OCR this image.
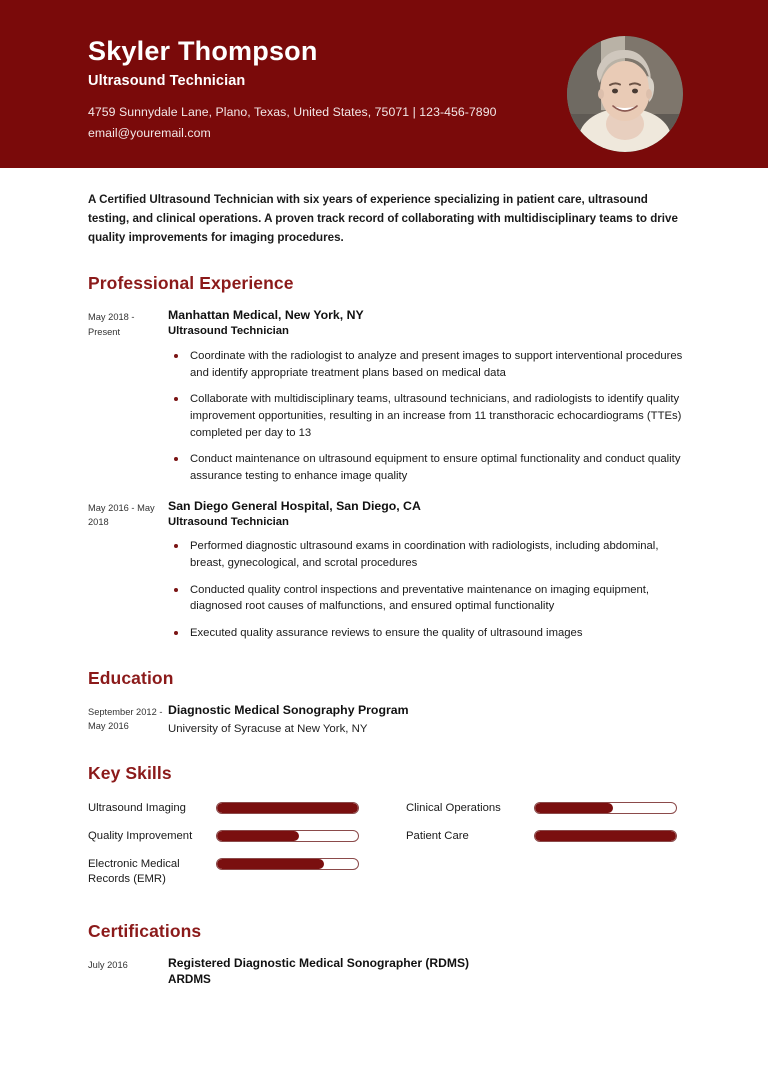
Skyler Thompson
Ultrasound Technician
4759 Sunnydale Lane, Plano, Texas, United States, 75071 | 123-456-7890
email@youremail.com
A Certified Ultrasound Technician with six years of experience specializing in patient care, ultrasound testing, and clinical operations. A proven track record of collaborating with multidisciplinary teams to drive quality improvements for imaging procedures.
Professional Experience
May 2018 - Present
Manhattan Medical, New York, NY
Ultrasound Technician
Coordinate with the radiologist to analyze and present images to support interventional procedures and identify appropriate treatment plans based on medical data
Collaborate with multidisciplinary teams, ultrasound technicians, and radiologists to identify quality improvement opportunities, resulting in an increase from 11 transthoracic echocardiograms (TTEs) completed per day to 13
Conduct maintenance on ultrasound equipment to ensure optimal functionality and conduct quality assurance testing to enhance image quality
May 2016 - May 2018
San Diego General Hospital, San Diego, CA
Ultrasound Technician
Performed diagnostic ultrasound exams in coordination with radiologists, including abdominal, breast, gynecological, and scrotal procedures
Conducted quality control inspections and preventative maintenance on imaging equipment, diagnosed root causes of malfunctions, and ensured optimal functionality
Executed quality assurance reviews to ensure the quality of ultrasound images
Education
September 2012 - May 2016
Diagnostic Medical Sonography Program
University of Syracuse at New York, NY
Key Skills
Ultrasound Imaging
Quality Improvement
Electronic Medical Records (EMR)
Clinical Operations
Patient Care
Certifications
July 2016	Registered Diagnostic Medical Sonographer (RDMS)
ARDMS
